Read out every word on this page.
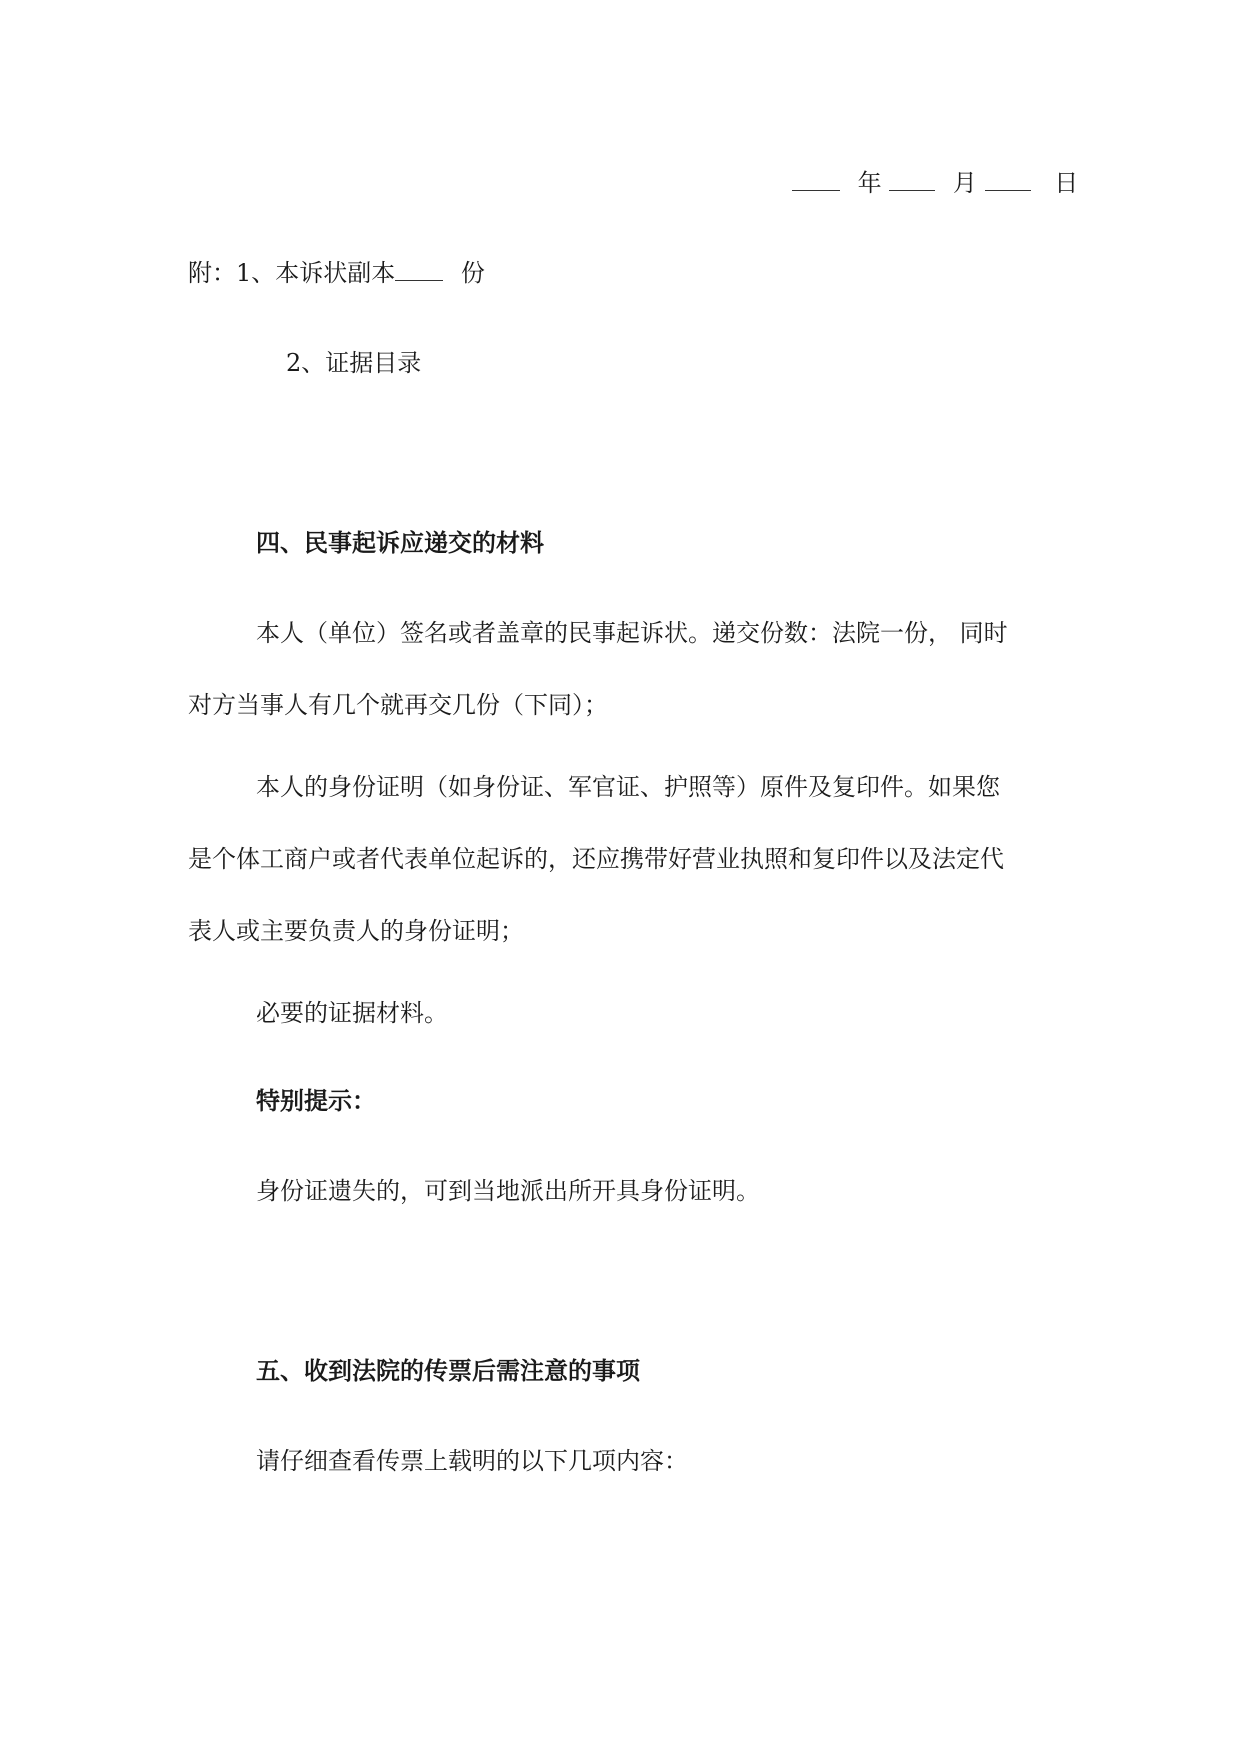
年	月	日
附：1、本诉状副本	份
2、证据目录
四、民事起诉应递交的材料
本人（单位）签名或者盖章的民事起诉状。递交份数：法院一份， 同时
对方当事人有几个就再交几份（下同）；
本人的身份证明（如身份证、军官证、护照等）原件及复印件。如果您
是个体工商户或者代表单位起诉的，还应携带好营业执照和复印件以及法定代
表人或主要负责人的身份证明；
必要的证据材料。
特别提示：
身份证遗失的，可到当地派出所开具身份证明。
五、收到法院的传票后需注意的事项
请仔细查看传票上载明的以下几项内容：
